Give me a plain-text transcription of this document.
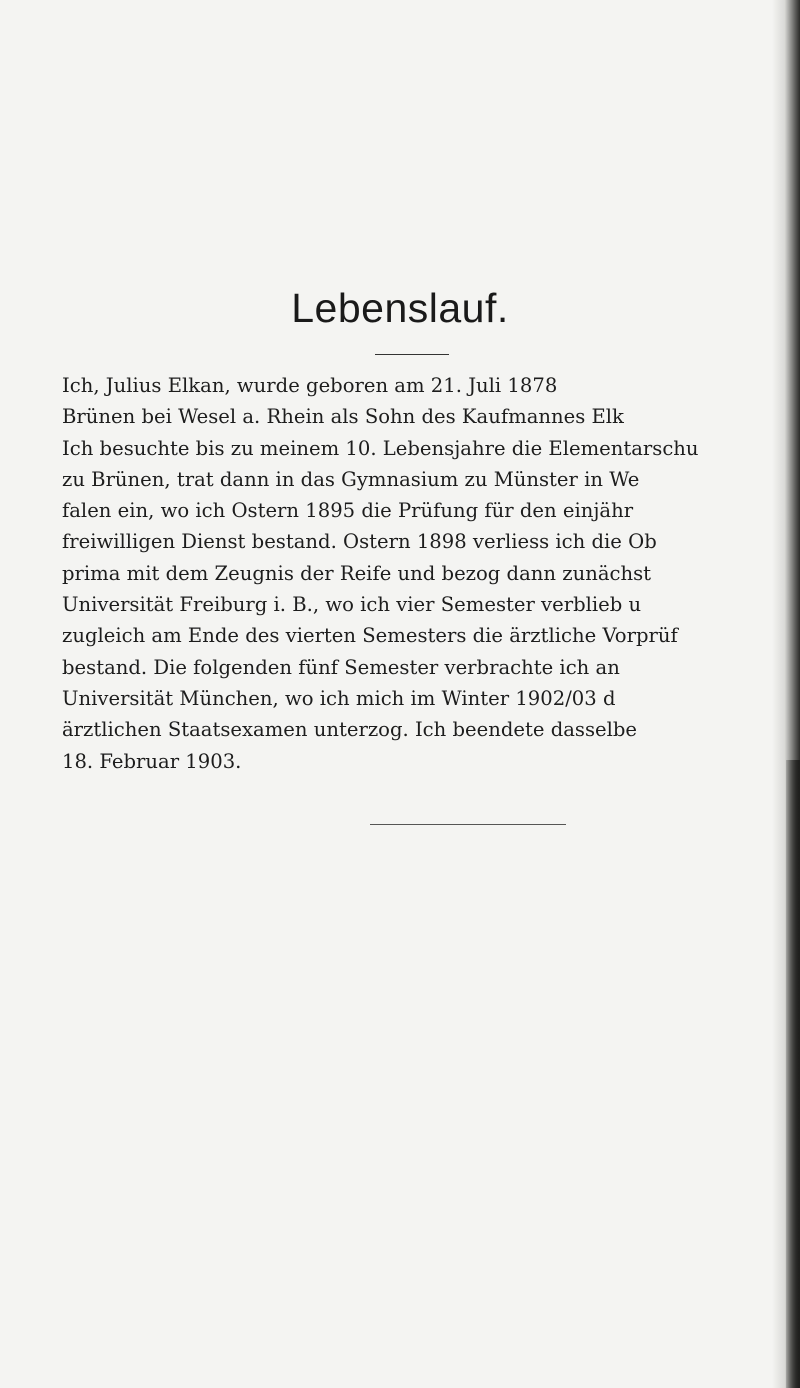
Lebenslauf.
Ich, Julius Elkan, wurde geboren am 21. Juli 1878
Brünen bei Wesel a. Rhein als Sohn des Kaufmannes Elk
Ich besuchte bis zu meinem 10. Lebensjahre die Elementarschu
zu Brünen, trat dann in das Gymnasium zu Münster in We
falen ein, wo ich Ostern 1895 die Prüfung für den einjähr
freiwilligen Dienst bestand. Ostern 1898 verliess ich die Ob
prima mit dem Zeugnis der Reife und bezog dann zunächst
Universität Freiburg i. B., wo ich vier Semester verblieb u
zugleich am Ende des vierten Semesters die ärztliche Vorprüf
bestand. Die folgenden fünf Semester verbrachte ich an
Universität München, wo ich mich im Winter 1902/03 d
ärztlichen Staatsexamen unterzog. Ich beendete dasselbe
18. Februar 1903.
